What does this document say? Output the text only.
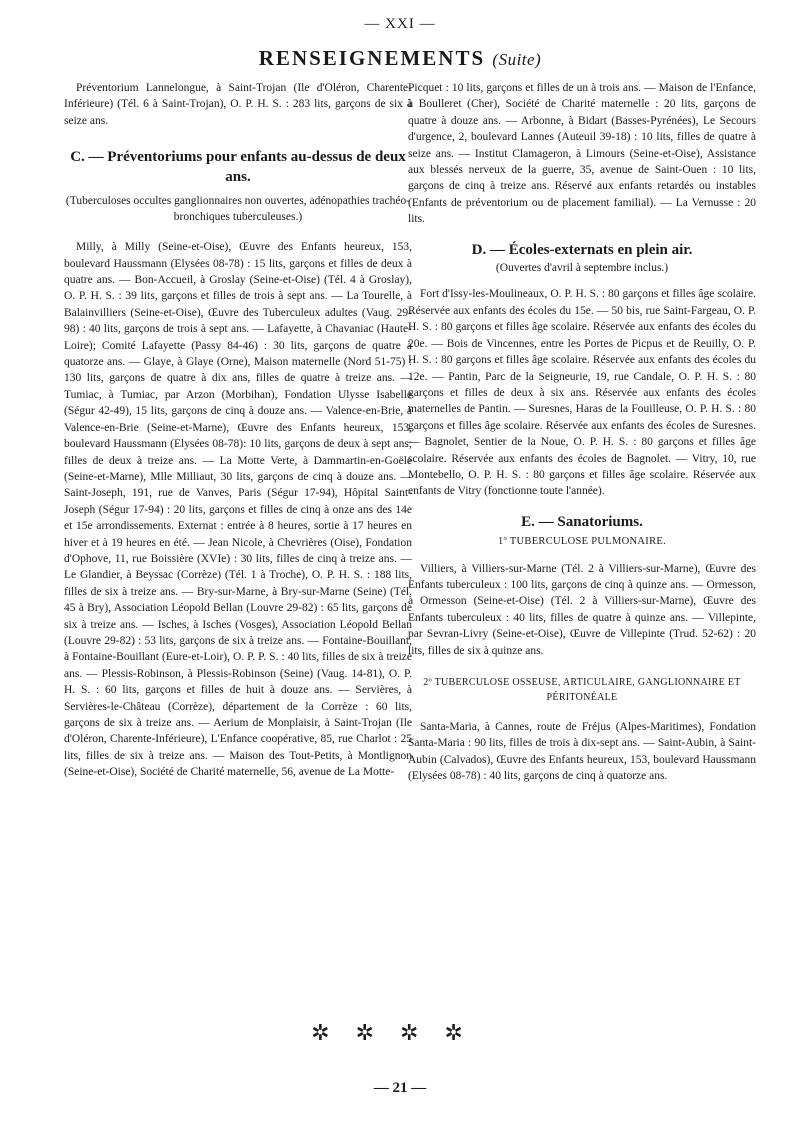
— XXI —
RENSEIGNEMENTS (Suite)

Préventorium Lannelongue, à Saint-Trojan (Ile d'Oléron, Charente-Inférieure) (Tél. 6 à Saint-Trojan), O. P. H. S. : 283 lits, garçons de six à seize ans.

C. — Préventoriums pour enfants au-dessus de deux ans.
(Tuberculoses occultes ganglionnaires non ouvertes, adénopathies trachéo-bronchiques tuberculeuses.)

Milly, à Milly (Seine-et-Oise), Œuvre des Enfants heureux, 153, boulevard Haussmann (Elysées 08-78) : 15 lits, garçons et filles de deux à quatre ans. — Bon-Accueil, à Groslay (Seine-et-Oise) (Tél. 4 à Groslay), O. P. H. S. : 39 lits, garçons et filles de trois à sept ans. — La Tourelle, à Balainvilliers (Seine-et-Oise), Œuvre des Tuberculeux adultes (Vaug. 29-98) : 40 lits, garçons de trois à sept ans. — Lafayette, à Chavaniac (Haute-Loire); Comité Lafayette (Passy 84-46) : 30 lits, garçons de quatre à quatorze ans. — Glaye, à Glaye (Orne), Maison maternelle (Nord 51-75) : 130 lits, garçons de quatre à dix ans, filles de quatre à treize ans. — Tumiac, à Tumiac, par Arzon (Morbihan), Fondation Ulysse Isabelle (Ségur 42-49), 15 lits, garçons de cinq à douze ans. — Valence-en-Brie, à Valence-en-Brie (Seine-et-Marne), Œuvre des Enfants heureux, 153, boulevard Haussmann (Elysées 08-78): 10 lits, garçons de deux à sept ans; filles de deux à treize ans. — La Motte Verte, à Dammartin-en-Goële (Seine-et-Marne), Mlle Milliaut, 30 lits, garçons de cinq à douze ans. — Saint-Joseph, 191, rue de Vanves, Paris (Ségur 17-94), Hôpital Saint-Joseph (Ségur 17-94) : 20 lits, garçons et filles de cinq à onze ans des 14e et 15e arrondissements. Externat : entrée à 8 heures, sortie à 17 heures en hiver et à 19 heures en été. — Jean Nicole, à Chevrières (Oise), Fondation d'Ophove, 11, rue Boissière (XVIe) : 30 lits, filles de cinq à treize ans. — Le Glandier, à Beyssac (Corrèze) (Tél. 1 à Troche), O. P. H. S. : 188 lits, filles de six à treize ans. — Bry-sur-Marne, à Bry-sur-Marne (Seine) (Tél. 45 à Bry), Association Léopold Bellan (Louvre 29-82) : 65 lits, garçons de six à treize ans. — Isches, à Isches (Vosges), Association Léopold Bellan (Louvre 29-82) : 53 lits, garçons de six à treize ans. — Fontaine-Bouillant, à Fontaine-Bouillant (Eure-et-Loir), O. P. P. S. : 40 lits, filles de six à treize ans. — Plessis-Robinson, à Plessis-Robinson (Seine) (Vaug. 14-81), O. P. H. S. : 60 lits, garçons et filles de huit à douze ans. — Servières, à Servières-le-Château (Corrèze), département de la Corrèze : 60 lits, garçons de six à treize ans. — Aerium de Monplaisir, à Saint-Trojan (Ile d'Oléron, Charente-Inférieure), L'Enfance coopérative, 85, rue Charlot : 25 lits, filles de six à treize ans. — Maison des Tout-Petits, à Montlignon (Seine-et-Oise), Société de Charité maternelle, 56, avenue de La Motte-

Picquet : 10 lits, garçons et filles de un à trois ans. — Maison de l'Enfance, à Boulleret (Cher), Société de Charité maternelle : 20 lits, garçons de quatre à douze ans. — Arbonne, à Bidart (Basses-Pyrénées), Le Secours d'urgence, 2, boulevard Lannes (Auteuil 39-18) : 10 lits, filles de quatre à seize ans. — Institut Clamageron, à Limours (Seine-et-Oise), Assistance aux blessés nerveux de la guerre, 35, avenue de Saint-Ouen : 10 lits, garçons de cinq à treize ans. Réservé aux enfants retardés ou instables (Enfants de préventorium ou de placement familial). — La Vernusse : 20 lits.

D. — Écoles-externats en plein air.
(Ouvertes d'avril à septembre inclus.)

Fort d'Issy-les-Moulineaux, O. P. H. S. : 80 garçons et filles âge scolaire. Réservée aux enfants des écoles du 15e. — 50 bis, rue Saint-Fargeau, O. P. H. S. : 80 garçons et filles âge scolaire. Réservée aux enfants des écoles du 20e. — Bois de Vincennes, entre les Portes de Picpus et de Reuilly, O. P. H. S. : 80 garçons et filles âge scolaire. Réservée aux enfants des écoles du 12e. — Pantin, Parc de la Seigneurie, 19, rue Candale, O. P. H. S. : 80 garçons et filles de deux à six ans. Réservée aux enfants des écoles maternelles de Pantin. — Suresnes, Haras de la Fouilleuse, O. P. H. S. : 80 garçons et filles âge scolaire. Réservée aux enfants des écoles de Suresnes. — Bagnolet, Sentier de la Noue, O. P. H. S. : 80 garçons et filles âge scolaire. Réservée aux enfants des écoles de Bagnolet. — Vitry, 10, rue Montebello, O. P. H. S. : 80 garçons et filles âge scolaire. Réservée aux enfants de Vitry (fonctionne toute l'année).

E. — Sanatoriums.
1º TUBERCULOSE PULMONAIRE.

Villiers, à Villiers-sur-Marne (Tél. 2 à Villiers-sur-Marne), Œuvre des Enfants tuberculeux : 100 lits, garçons de cinq à quinze ans. — Ormesson, à Ormesson (Seine-et-Oise) (Tél. 2 à Villiers-sur-Marne), Œuvre des Enfants tuberculeux : 40 lits, filles de quatre à quinze ans. — Villepinte, par Sevran-Livry (Seine-et-Oise), Œuvre de Villepinte (Trud. 52-62) : 20 lits, filles de six à quinze ans.

2º TUBERCULOSE OSSEUSE, ARTICULAIRE, GANGLIONNAIRE ET PÉRITONÉALE

Santa-Maria, à Cannes, route de Fréjus (Alpes-Maritimes), Fondation Santa-Maria : 90 lits, filles de trois à dix-sept ans. — Saint-Aubin, à Saint-Aubin (Calvados), Œuvre des Enfants heureux, 153, boulevard Haussmann (Elysées 08-78) : 40 lits, garçons de cinq à quatorze ans.

✲✲✲✲
— 21 —
